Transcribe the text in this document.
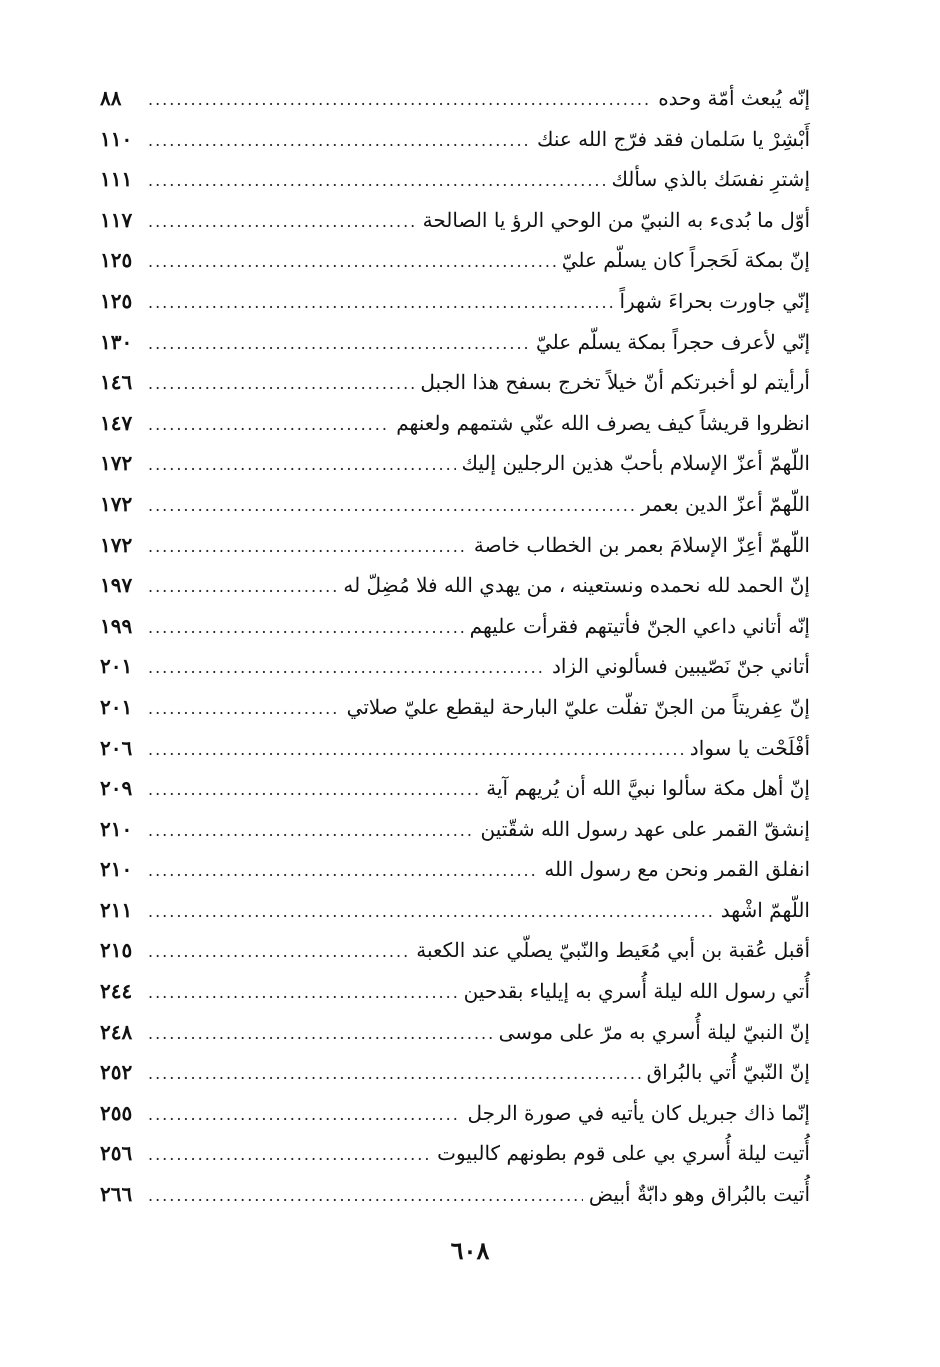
إنّه يُبعث أمّة وحده
.....
٨٨
أَبْشِرْ يا سَلمان فقد فرّج الله عنك
.....
١١٠
إشترِ نفسَك بالذي سألك
.....
١١١
أوّل ما بُدىء به النبيّ من الوحي الرؤ يا الصالحة
.....
١١٧
إنّ بمكة لَحَجراً كان يسلّم عليّ
.....
١٢٥
إنّي جاورت بحراءَ شهراً
.....
١٢٥
إنّي لأعرف حجراً بمكة يسلّم عليّ
.....
١٣٠
أرأيتم لو أخبرتكم أنّ خيلاً تخرج بسفح هذا الجبل
.....
١٤٦
انظروا قريشاً كيف يصرف الله عنّي شتمهم ولعنهم
.....
١٤٧
اللّهمّ أعزّ الإسلام بأحبّ هذين الرجلين إليك
.....
١٧٢
اللّهمّ أعزّ الدين بعمر
.....
١٧٢
اللّهمّ أعِزّ الإسلامَ بعمر بن الخطاب خاصة
.....
١٧٢
إنّ الحمد لله نحمده ونستعينه ، من يهدي الله فلا مُضِلّ له
.....
١٩٧
إنّه أتاني داعي الجنّ فأتيتهم فقرأت عليهم
.....
١٩٩
أتاني جنّ نَصّيبين فسألوني الزاد
.....
٢٠١
إنّ عِفريتاً من الجنّ تفلّت عليّ البارحة ليقطع عليّ صلاتي
.....
٢٠١
أفْلَحْت يا سواد
.....
٢٠٦
إنّ أهل مكة سألوا نبيَّ الله أن يُريهم آية
.....
٢٠٩
إنشقّ القمر على عهد رسول الله شقّتين
.....
٢١٠
انفلق القمر ونحن مع رسول الله
.....
٢١٠
اللّهمّ اشْهد
.....
٢١١
أقبل عُقبة بن أبي مُعَيط والنّبيّ يصلّي عند الكعبة
.....
٢١٥
أُتي رسول الله ليلة أُسري به إيلياء بقدحين
.....
٢٤٤
إنّ النبيّ ليلة أُسري به مرّ على موسى
.....
٢٤٨
إنّ النّبيّ أُتي بالبُراق
.....
٢٥٢
إنّما ذاك جبريل كان يأتيه في صورة الرجل
.....
٢٥٥
أُتيت ليلة أُسري بي على قوم بطونهم كالبيوت
.....
٢٥٦
أُتيت بالبُراق وهو دابّةٌ أبيض
.....
٢٦٦
٦٠٨
